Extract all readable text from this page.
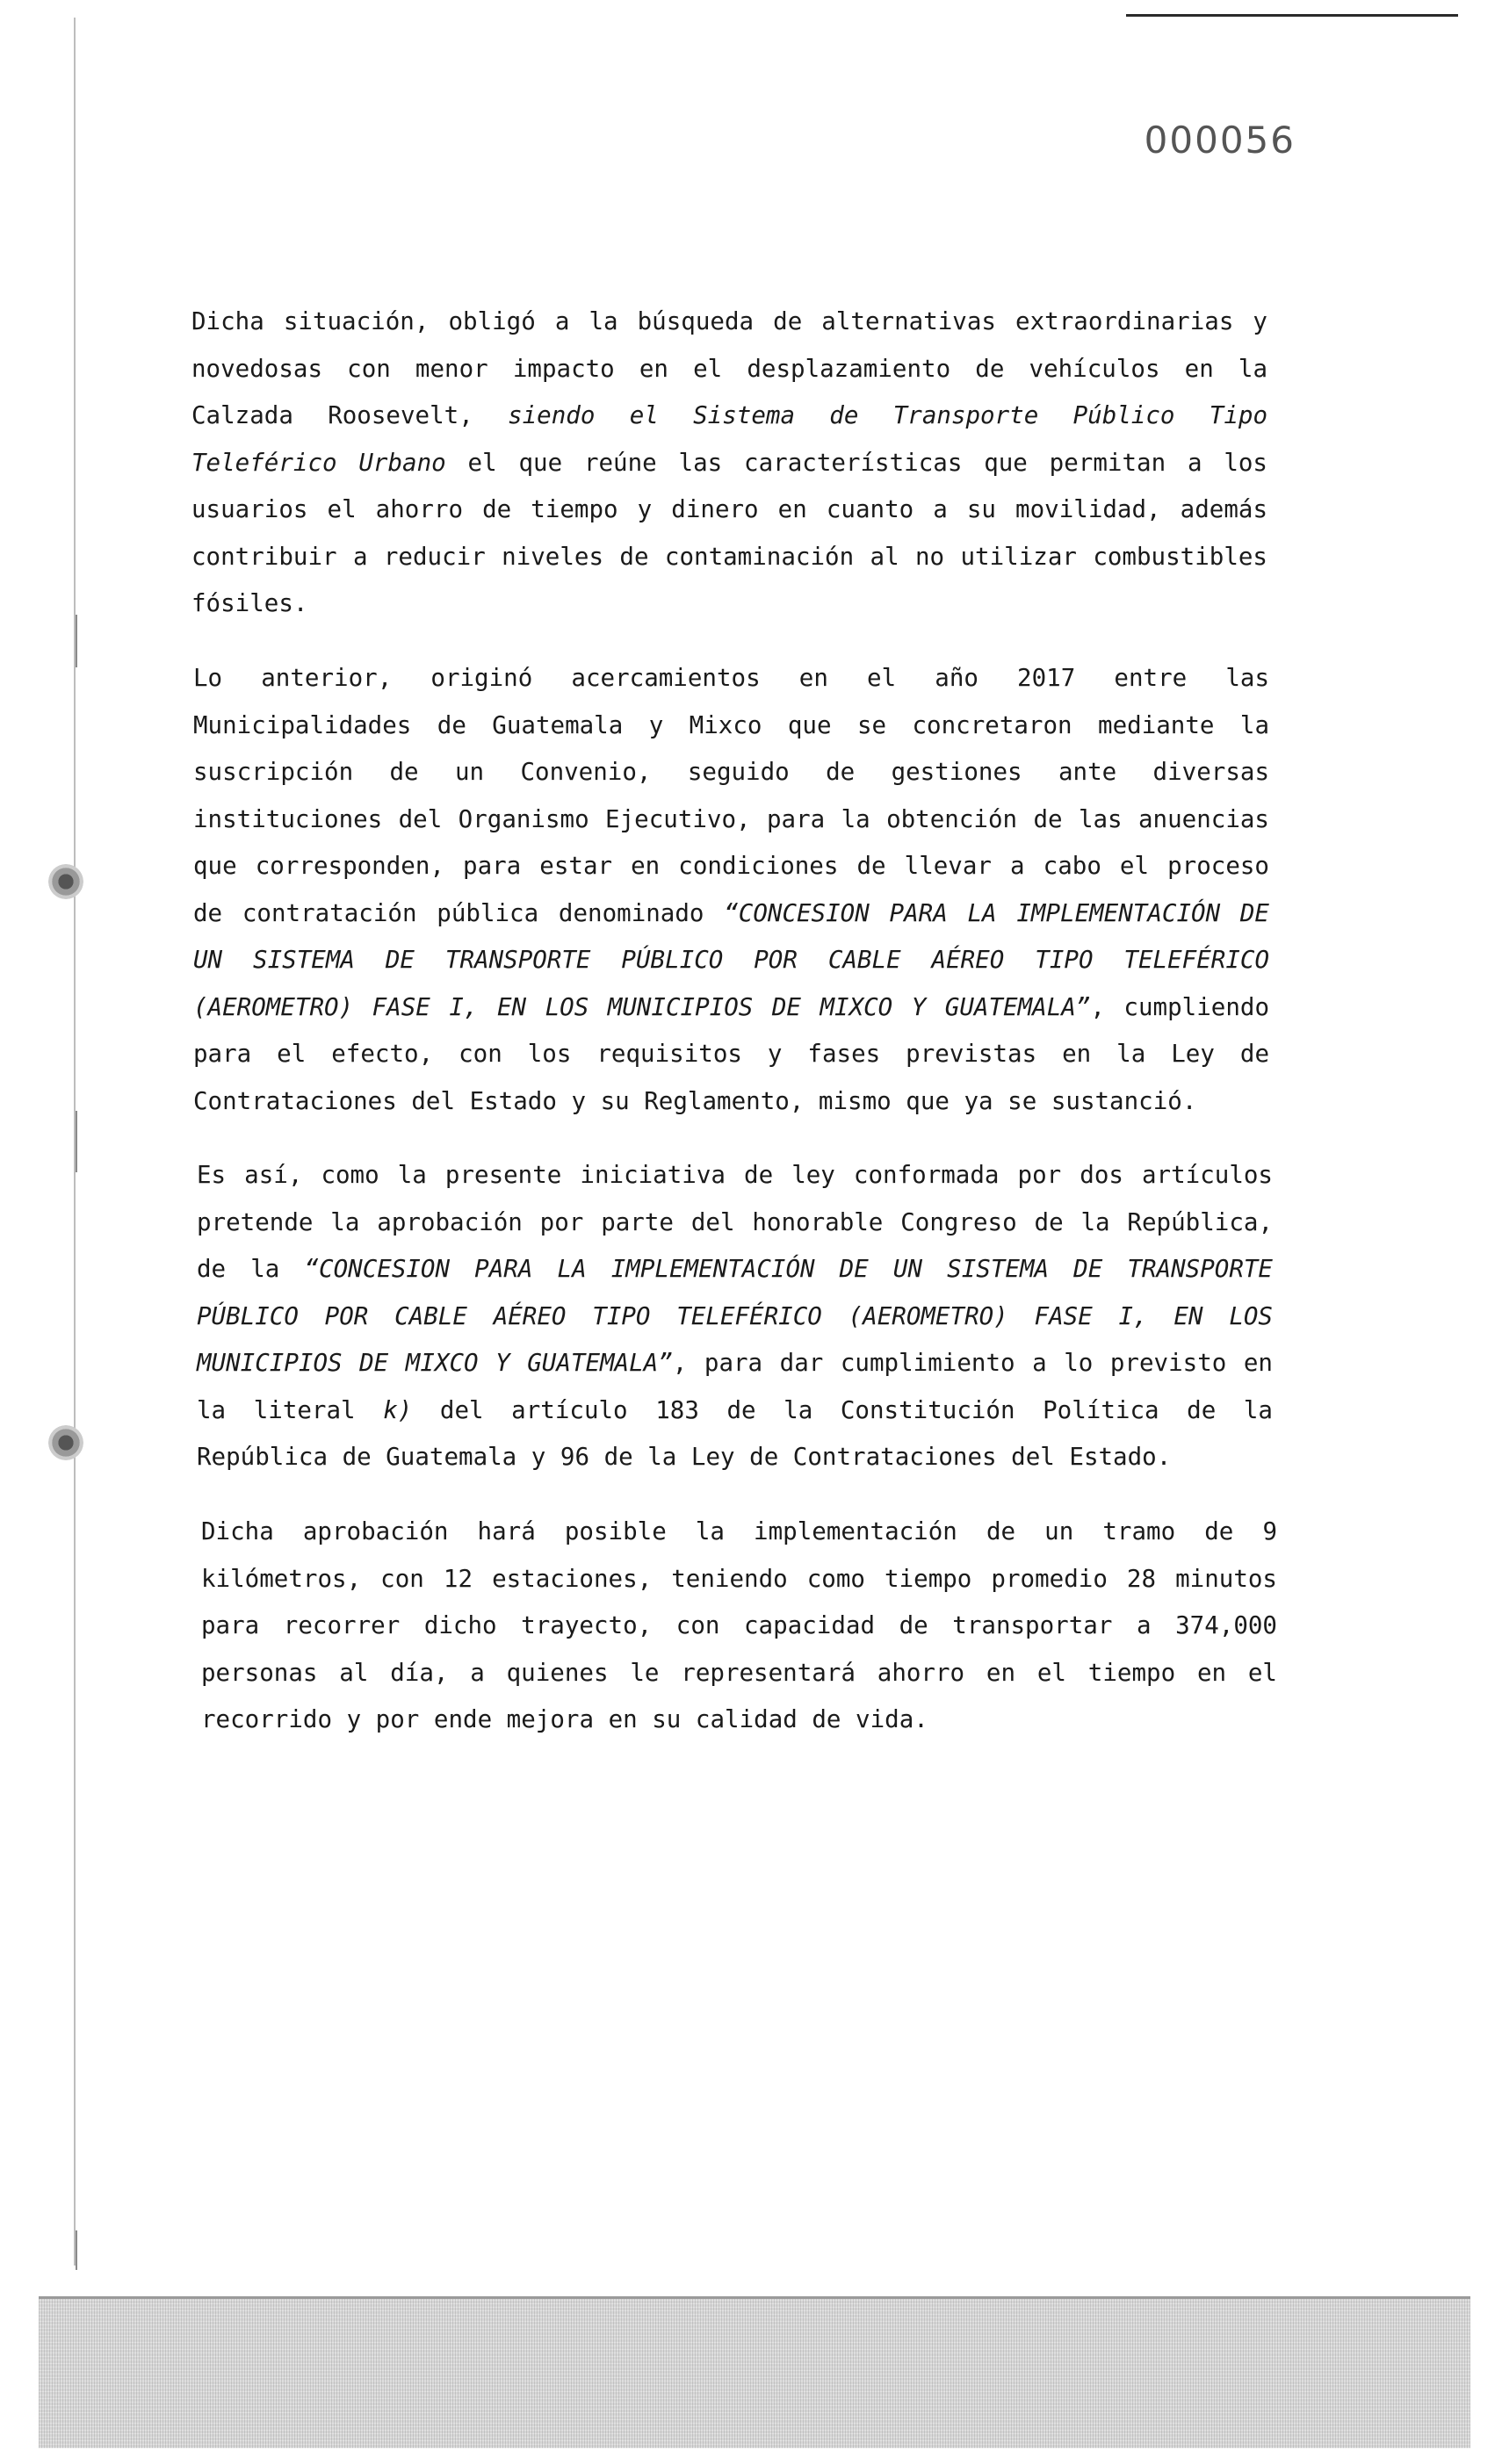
000056

Dicha situación, obligó a la búsqueda de alternativas extraordinarias y novedosas con menor impacto en el desplazamiento de vehículos en la Calzada Roosevelt, siendo el Sistema de Transporte Público Tipo Teleférico Urbano el que reúne las características que permitan a los usuarios el ahorro de tiempo y dinero en cuanto a su movilidad, además contribuir a reducir niveles de contaminación al no utilizar combustibles fósiles.

Lo anterior, originó acercamientos en el año 2017 entre las Municipalidades de Guatemala y Mixco que se concretaron mediante la suscripción de un Convenio, seguido de gestiones ante diversas instituciones del Organismo Ejecutivo, para la obtención de las anuencias que corresponden, para estar en condiciones de llevar a cabo el proceso de contratación pública denominado “CONCESION PARA LA IMPLEMENTACIÓN DE UN SISTEMA DE TRANSPORTE PÚBLICO POR CABLE AÉREO TIPO TELEFÉRICO (AEROMETRO) FASE I, EN LOS MUNICIPIOS DE MIXCO Y GUATEMALA”, cumpliendo para el efecto, con los requisitos y fases previstas en la Ley de Contrataciones del Estado y su Reglamento, mismo que ya se sustanció.

Es así, como la presente iniciativa de ley conformada por dos artículos pretende la aprobación por parte del honorable Congreso de la República, de la “CONCESION PARA LA IMPLEMENTACIÓN DE UN SISTEMA DE TRANSPORTE PÚBLICO POR CABLE AÉREO TIPO TELEFÉRICO (AEROMETRO) FASE I, EN LOS MUNICIPIOS DE MIXCO Y GUATEMALA”, para dar cumplimiento a lo previsto en la literal k) del artículo 183 de la Constitución Política de la República de Guatemala y 96 de la Ley de Contrataciones del Estado.

Dicha aprobación hará posible la implementación de un tramo de 9 kilómetros, con 12 estaciones, teniendo como tiempo promedio 28 minutos para recorrer dicho trayecto, con capacidad de transportar a 374,000 personas al día, a quienes le representará ahorro en el tiempo en el recorrido y por ende mejora en su calidad de vida.
